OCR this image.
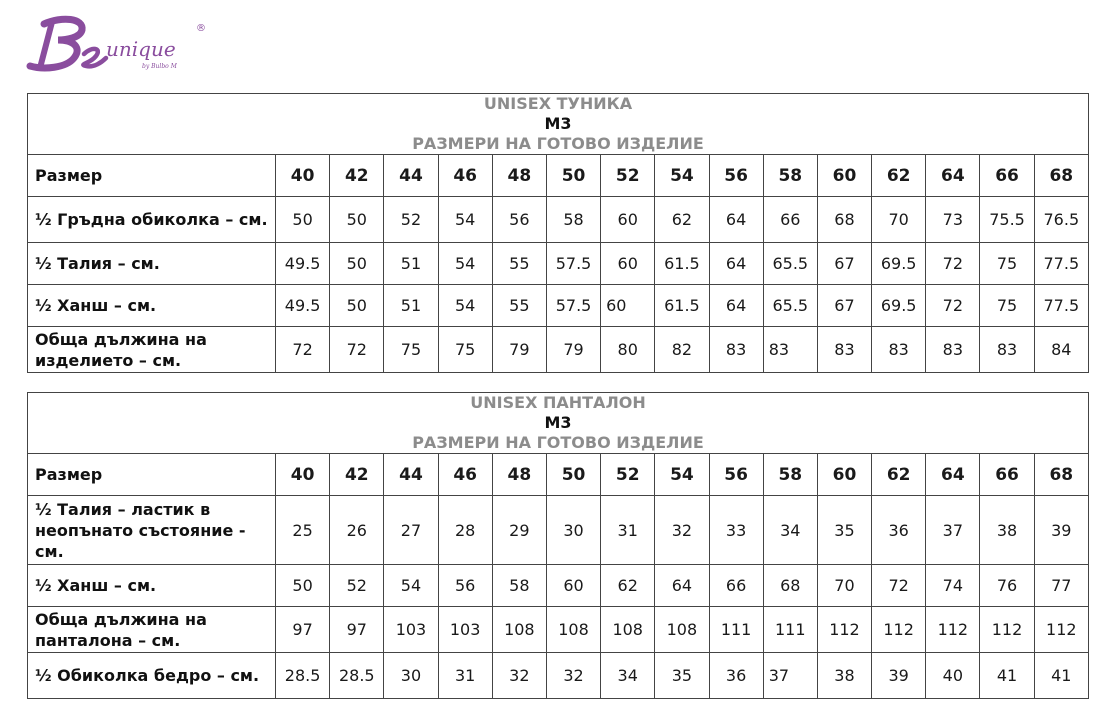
unique
by Bulbo M
®
UNISEX ТУНИКА
M3
РАЗМЕРИ НА ГОТОВО ИЗДЕЛИЕ															

Размер	40	42	44	46	48	50	52	54	56	58	60	62	64	66	68
½ Гръдна обиколка – см.	50	50	52	54	56	58	60	62	64	66	68	70	73	75.5	76.5
½ Талия – см.	49.5	50	51	54	55	57.5	60	61.5	64	65.5	67	69.5	72	75	77.5
½ Ханш – см.	49.5	50	51	54	55	57.5	60	61.5	64	65.5	67	69.5	72	75	77.5
Обща дължина на изделието – см.	72	72	75	75	79	79	80	82	83	83	83	83	83	83	84
UNISEX ПАНТАЛОН
M3
РАЗМЕРИ НА ГОТОВО ИЗДЕЛИЕ															

Размер	40	42	44	46	48	50	52	54	56	58	60	62	64	66	68
½ Талия – ластик в неопънато състояние - см.	25	26	27	28	29	30	31	32	33	34	35	36	37	38	39
½ Ханш – см.	50	52	54	56	58	60	62	64	66	68	70	72	74	76	77
Обща дължина на панталона – см.	97	97	103	103	108	108	108	108	111	111	112	112	112	112	112
½ Обиколка бедро – см.	28.5	28.5	30	31	32	32	34	35	36	37	38	39	40	41	41
